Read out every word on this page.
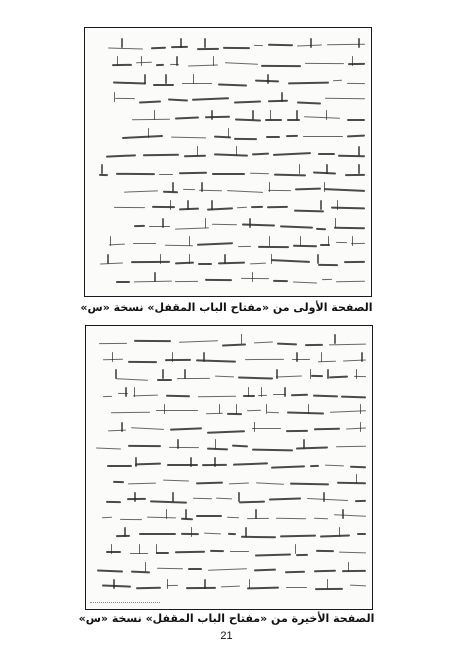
الصفحة الأولى من «مفتاح الباب المقفل» نسخة «س»
الصفحة الأخيرة من «مفتاح الباب المقفل» نسخة «س»
21
